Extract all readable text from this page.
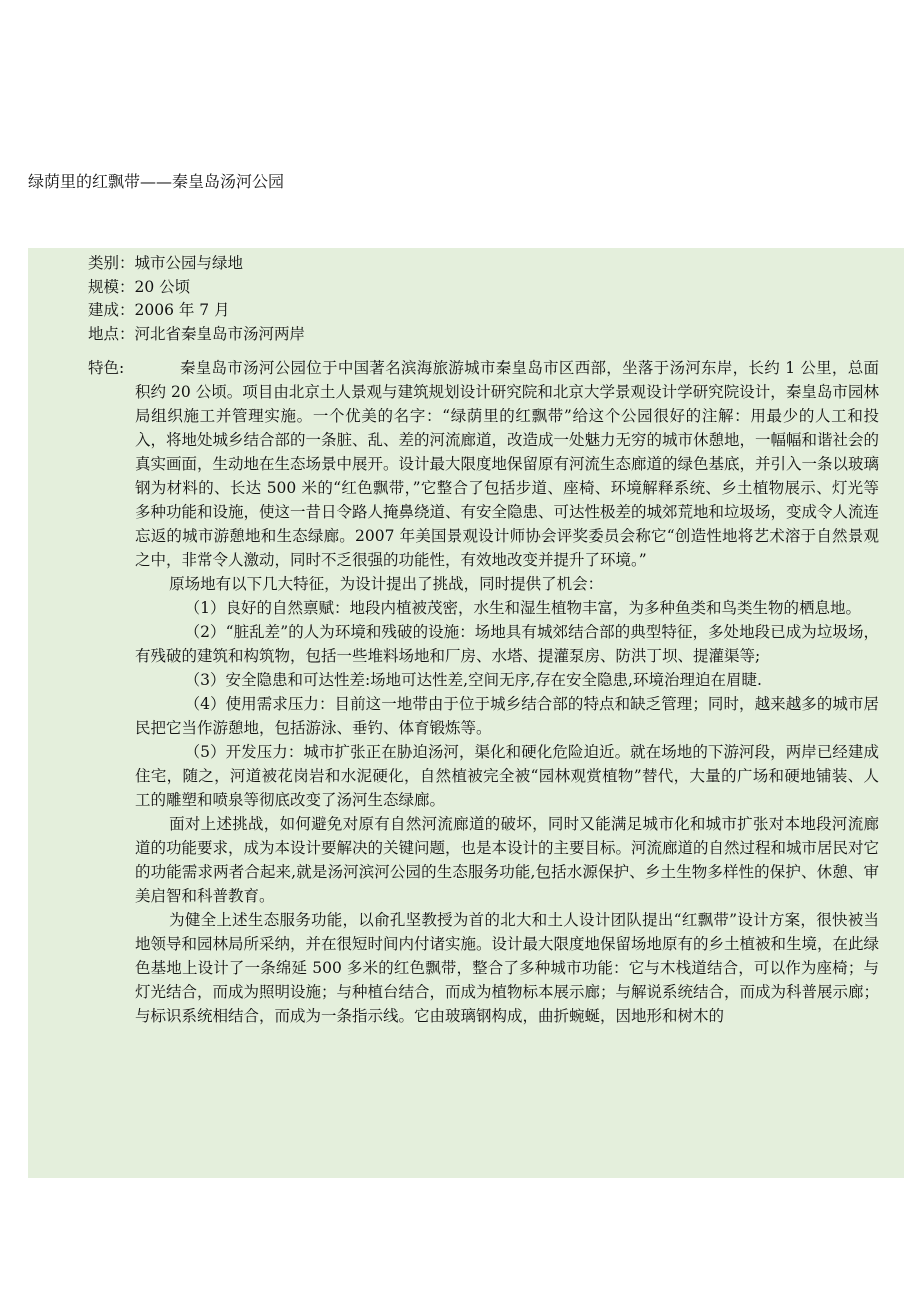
绿荫里的红飘带——秦皇岛汤河公园
类别：城市公园与绿地
规模：20 公顷
建成：2006 年 7 月
地点：河北省秦皇岛市汤河两岸
特色:	秦皇岛市汤河公园位于中国著名滨海旅游城市秦皇岛市区西部，坐落于汤河东岸，长约 1 公里，总面积约 20 公顷。项目由北京土人景观与建筑规划设计研究院和北京大学景观设计学研究院设计，秦皇岛市园林局组织施工并管理实施。一个优美的名字：“绿荫里的红飘带”给这个公园很好的注解：用最少的人工和投入，将地处城乡结合部的一条脏、乱、差的河流廊道，改造成一处魅力无穷的城市休憩地，一幅幅和谐社会的真实画面，生动地在生态场景中展开。设计最大限度地保留原有河流生态廊道的绿色基底，并引入一条以玻璃钢为材料的、长达 500 米的“红色飘带，”它整合了包括步道、座椅、环境解释系统、乡土植物展示、灯光等多种功能和设施，使这一昔日令路人掩鼻绕道、有安全隐患、可达性极差的城郊荒地和垃圾场，变成令人流连忘返的城市游憩地和生态绿廊。2007 年美国景观设计师协会评奖委员会称它“创造性地将艺术溶于自然景观之中，非常令人激动，同时不乏很强的功能性，有效地改变并提升了环境。”

原场地有以下几大特征，为设计提出了挑战，同时提供了机会：

（1）良好的自然禀赋：地段内植被茂密，水生和湿生植物丰富，为多种鱼类和鸟类生物的栖息地。

（2）“脏乱差”的人为环境和残破的设施：场地具有城郊结合部的典型特征，多处地段已成为垃圾场，有残破的建筑和构筑物，包括一些堆料场地和厂房、水塔、提灌泵房、防洪丁坝、提灌渠等;

（3）安全隐患和可达性差:场地可达性差,空间无序,存在安全隐患,环境治理迫在眉睫.

（4）使用需求压力：目前这一地带由于位于城乡结合部的特点和缺乏管理；同时，越来越多的城市居民把它当作游憩地，包括游泳、垂钓、体育锻炼等。

（5）开发压力：城市扩张正在胁迫汤河，渠化和硬化危险迫近。就在场地的下游河段，两岸已经建成住宅，随之，河道被花岗岩和水泥硬化，自然植被完全被“园林观赏植物”替代，大量的广场和硬地铺装、人工的雕塑和喷泉等彻底改变了汤河生态绿廊。

面对上述挑战，如何避免对原有自然河流廊道的破坏，同时又能满足城市化和城市扩张对本地段河流廊道的功能要求，成为本设计要解决的关键问题，也是本设计的主要目标。河流廊道的自然过程和城市居民对它的功能需求两者合起来,就是汤河滨河公园的生态服务功能,包括水源保护、乡土生物多样性的保护、休憩、审美启智和科普教育。

为健全上述生态服务功能，以俞孔坚教授为首的北大和土人设计团队提出“红飘带”设计方案，很快被当地领导和园林局所采纳，并在很短时间内付诸实施。设计最大限度地保留场地原有的乡土植被和生境，在此绿色基地上设计了一条绵延 500 多米的红色飘带，整合了多种城市功能：它与木栈道结合，可以作为座椅；与灯光结合，而成为照明设施；与种植台结合，而成为植物标本展示廊；与解说系统结合，而成为科普展示廊；与标识系统相结合，而成为一条指示线。它由玻璃钢构成，曲折蜿蜒，因地形和树木的
